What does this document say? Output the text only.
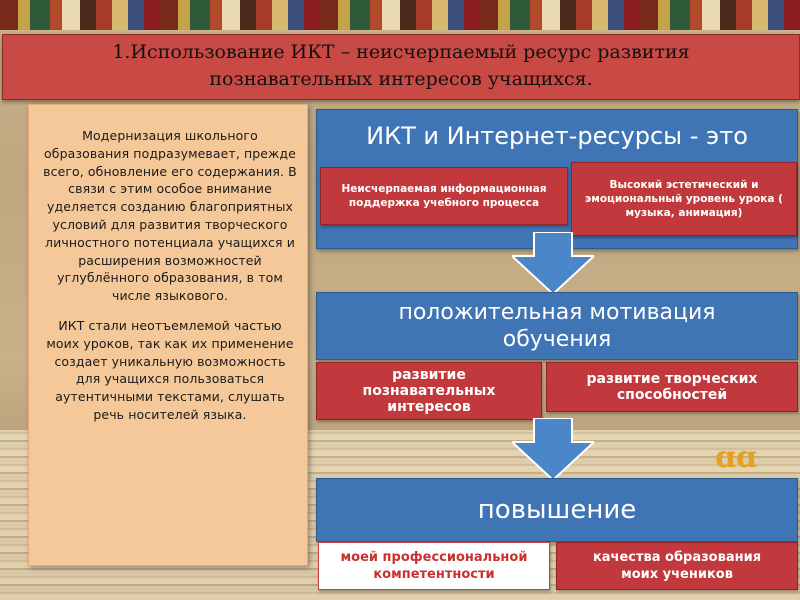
1.Использование ИКТ – неисчерпаемый ресурс развития
познавательных интересов учащихся.

Модернизация школьного образования подразумевает, прежде всего, обновление его содержания. В связи с этим особое внимание уделяется созданию благоприятных условий для развития творческого личностного потенциала учащихся и расширения возможностей углублённого образования, в том числе языкового.

ИКТ стали неотъемлемой частью моих уроков, так как их применение создает уникальную возможность для учащихся пользоваться аутентичными текстами, слушать речь носителей языка.

ИКТ и Интернет-ресурсы - это
Неисчерпаемая информационная поддержка учебного процесса
Высокий эстетический и эмоциональный уровень урока ( музыка, анимация)
положительная мотивация обучения
развитие познавательных интересов
развитие творческих способностей
ɑɑ
повышение
моей профессиональной компетентности
качества образования моих учеников
